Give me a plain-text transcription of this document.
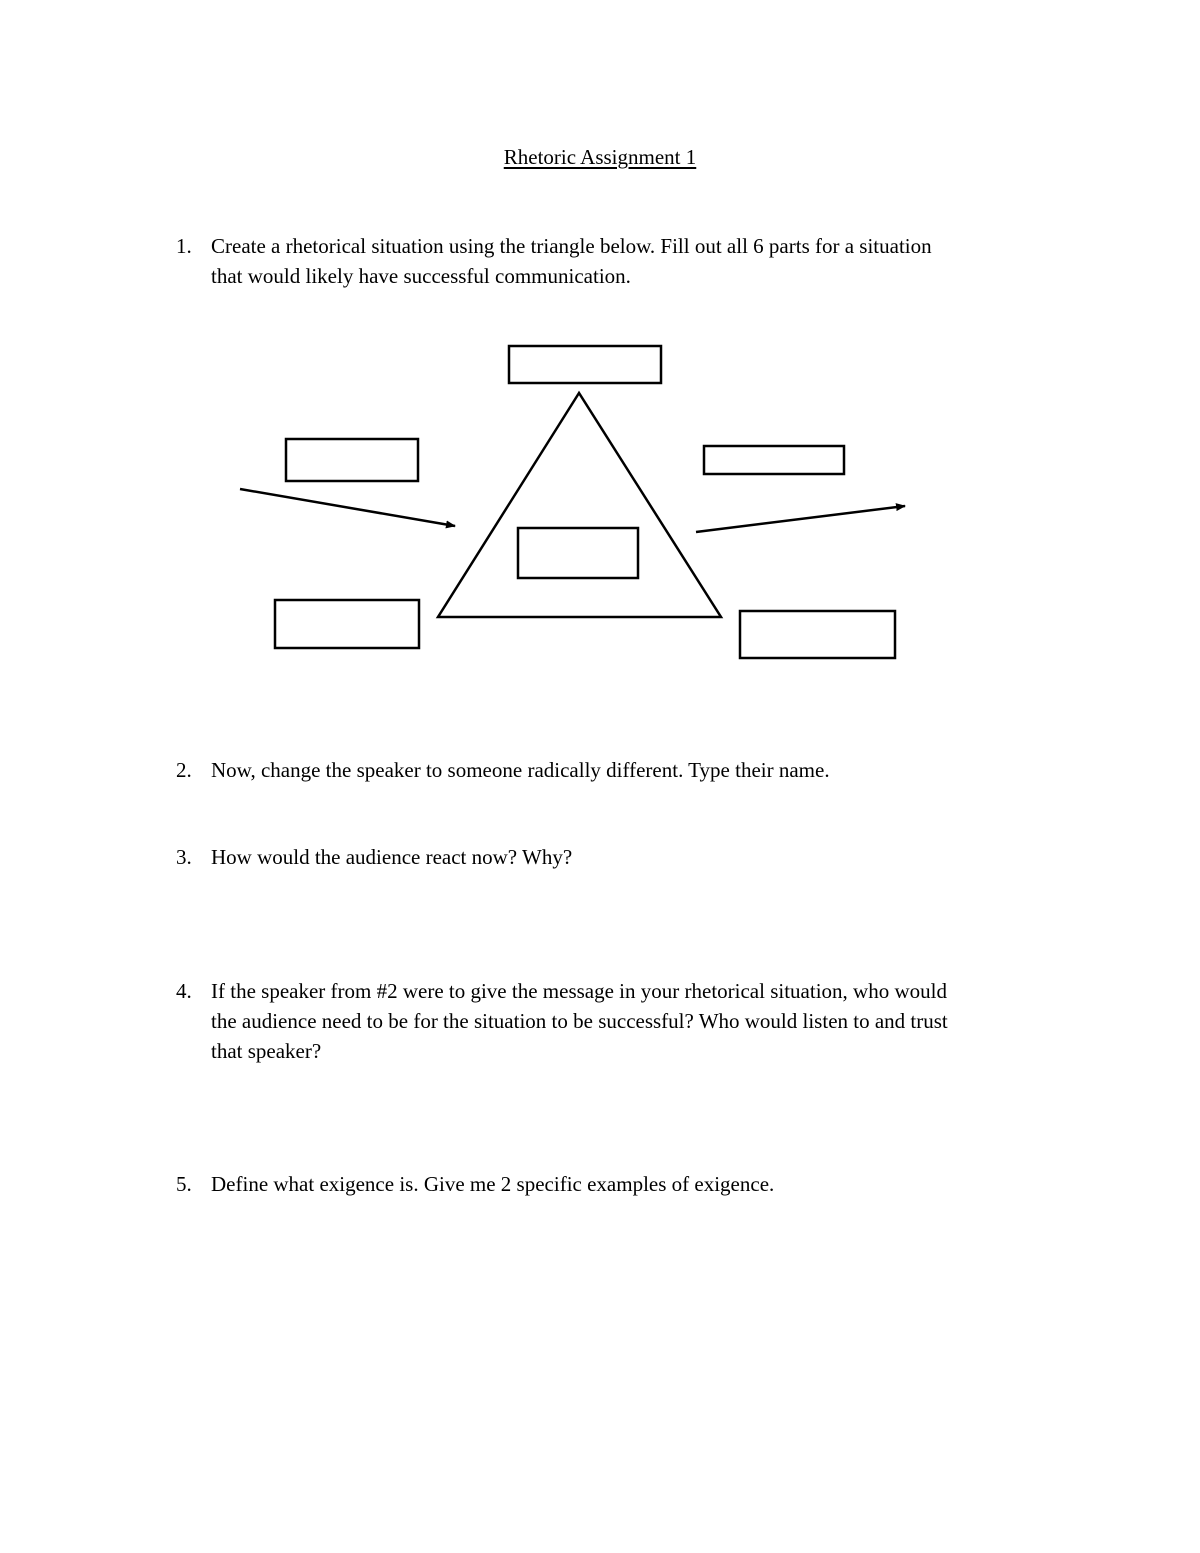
Rhetoric Assignment 1
1. Create a rhetorical situation using the triangle below. Fill out all 6 parts for a situation
that would likely have successful communication.
2. Now, change the speaker to someone radically different. Type their name.
3. How would the audience react now? Why?
4. If the speaker from #2 were to give the message in your rhetorical situation, who would
the audience need to be for the situation to be successful? Who would listen to and trust
that speaker?
5. Define what exigence is. Give me 2 specific examples of exigence.
